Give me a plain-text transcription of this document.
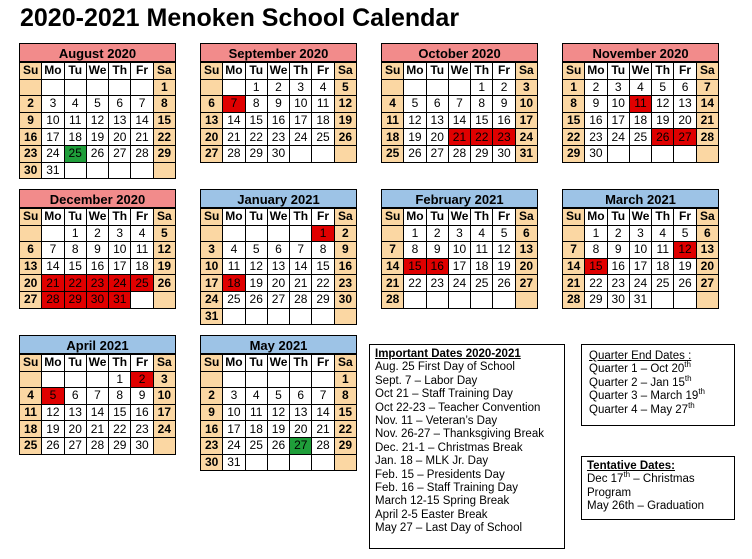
2020-2021 Menoken School Calendar
August 2020
Su	Mo	Tu	We	Th	Fr	Sa
						1
2	3	4	5	6	7	8
9	10	11	12	13	14	15
16	17	18	19	20	21	22
23	24	25	26	27	28	29
30	31					
September 2020
Su	Mo	Tu	We	Th	Fr	Sa
		1	2	3	4	5
6	7	8	9	10	11	12
13	14	15	16	17	18	19
20	21	22	23	24	25	26
27	28	29	30			
October 2020
Su	Mo	Tu	We	Th	Fr	Sa
				1	2	3
4	5	6	7	8	9	10
11	12	13	14	15	16	17
18	19	20	21	22	23	24
25	26	27	28	29	30	31
November 2020
Su	Mo	Tu	We	Th	Fr	Sa
1	2	3	4	5	6	7
8	9	10	11	12	13	14
15	16	17	18	19	20	21
22	23	24	25	26	27	28
29	30					
December 2020
Su	Mo	Tu	We	Th	Fr	Sa
		1	2	3	4	5
6	7	8	9	10	11	12
13	14	15	16	17	18	19
20	21	22	23	24	25	26
27	28	29	30	31		
January 2021
Su	Mo	Tu	We	Th	Fr	Sa
					1	2
3	4	5	6	7	8	9
10	11	12	13	14	15	16
17	18	19	20	21	22	23
24	25	26	27	28	29	30
31						
February 2021
Su	Mo	Tu	We	Th	Fr	Sa
	1	2	3	4	5	6
7	8	9	10	11	12	13
14	15	16	17	18	19	20
21	22	23	24	25	26	27
28						
March 2021
Su	Mo	Tu	We	Th	Fr	Sa
	1	2	3	4	5	6
7	8	9	10	11	12	13
14	15	16	17	18	19	20
21	22	23	24	25	26	27
28	29	30	31			
April 2021
Su	Mo	Tu	We	Th	Fr	Sa
				1	2	3
4	5	6	7	8	9	10
11	12	13	14	15	16	17
18	19	20	21	22	23	24
25	26	27	28	29	30	
May 2021
Su	Mo	Tu	We	Th	Fr	Sa
						1
2	3	4	5	6	7	8
9	10	11	12	13	14	15
16	17	18	19	20	21	22
23	24	25	26	27	28	29
30	31					
Important Dates 2020-2021
Aug. 25 First Day of School
Sept. 7 – Labor Day
Oct 21 – Staff Training Day
Oct 22-23 – Teacher Convention
Nov. 11 – Veteran’s Day
Nov. 26-27 – Thanksgiving Break
Dec. 21-1 – Christmas Break
Jan. 18 – MLK Jr. Day
Feb. 15 – Presidents Day
Feb. 16 – Staff Training Day
March 12-15 Spring Break
April 2-5 Easter Break
May 27 – Last Day of School
Quarter End Dates :
Quarter 1 – Oct 20th
Quarter 2 – Jan 15th
Quarter 3 – March 19th
Quarter 4 – May 27th
Tentative Dates:
Dec 17th – Christmas
Program
May 26th – Graduation
